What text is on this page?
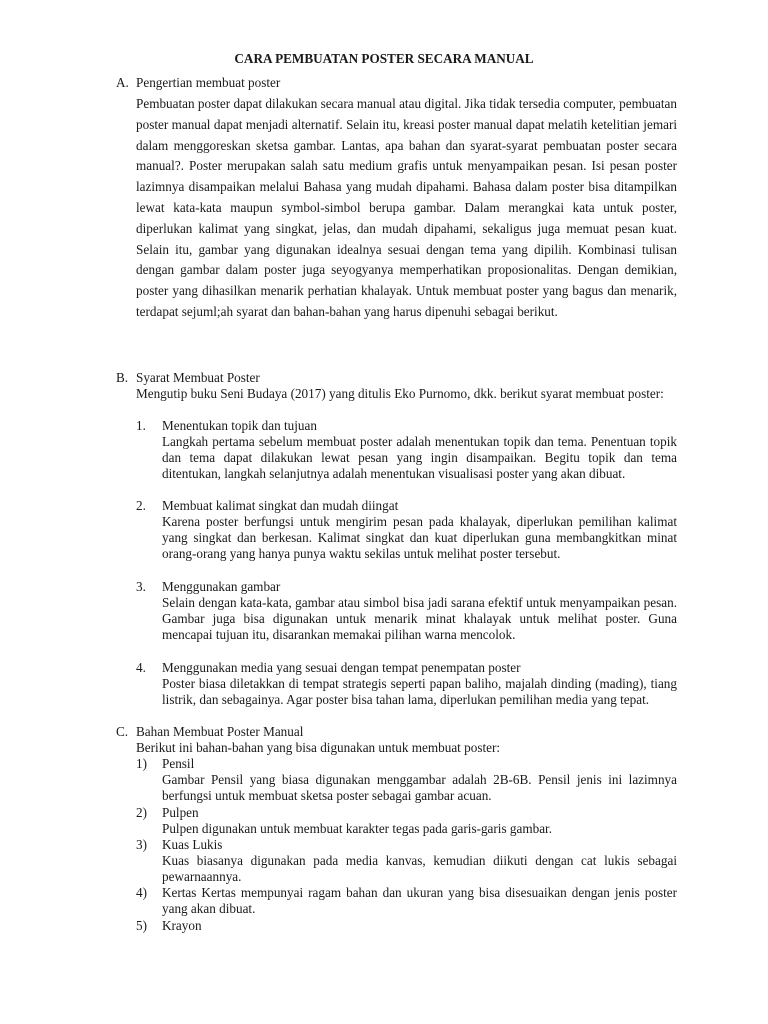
CARA PEMBUATAN POSTER SECARA MANUAL
A. Pengertian membuat poster

Pembuatan poster dapat dilakukan secara manual atau digital. Jika tidak tersedia computer, pembuatan poster manual dapat menjadi alternatif. Selain itu, kreasi poster manual dapat melatih ketelitian jemari dalam menggoreskan sketsa gambar. Lantas, apa bahan dan syarat-syarat pembuatan poster secara manual?. Poster merupakan salah satu medium grafis untuk menyampaikan pesan. Isi pesan poster lazimnya disampaikan melalui Bahasa yang mudah dipahami. Bahasa dalam poster bisa ditampilkan lewat kata-kata maupun symbol-simbol berupa gambar. Dalam merangkai kata untuk poster, diperlukan kalimat yang singkat, jelas, dan mudah dipahami, sekaligus juga memuat pesan kuat. Selain itu, gambar yang digunakan idealnya sesuai dengan tema yang dipilih. Kombinasi tulisan dengan gambar dalam poster juga seyogyanya memperhatikan proposionalitas. Dengan demikian, poster yang dihasilkan menarik perhatian khalayak. Untuk membuat poster yang bagus dan menarik, terdapat sejuml;ah syarat dan bahan-bahan yang harus dipenuhi sebagai berikut.

B. Syarat Membuat Poster

Mengutip buku Seni Budaya (2017) yang ditulis Eko Purnomo, dkk. berikut syarat membuat poster:

1. Menentukan topik dan tujuan

Langkah pertama sebelum membuat poster adalah menentukan topik dan tema. Penentuan topik dan tema dapat dilakukan lewat pesan yang ingin disampaikan. Begitu topik dan tema ditentukan, langkah selanjutnya adalah menentukan visualisasi poster yang akan dibuat.

2. Membuat kalimat singkat dan mudah diingat

Karena poster berfungsi untuk mengirim pesan pada khalayak, diperlukan pemilihan kalimat yang singkat dan berkesan. Kalimat singkat dan kuat diperlukan guna membangkitkan minat orang-orang yang hanya punya waktu sekilas untuk melihat poster tersebut.

3. Menggunakan gambar

Selain dengan kata-kata, gambar atau simbol bisa jadi sarana efektif untuk menyampaikan pesan. Gambar juga bisa digunakan untuk menarik minat khalayak untuk melihat poster. Guna mencapai tujuan itu, disarankan memakai pilihan warna mencolok.

4. Menggunakan media yang sesuai dengan tempat penempatan poster

Poster biasa diletakkan di tempat strategis seperti papan baliho, majalah dinding (mading), tiang listrik, dan sebagainya. Agar poster bisa tahan lama, diperlukan pemilihan media yang tepat.

C. Bahan Membuat Poster Manual

Berikut ini bahan-bahan yang bisa digunakan untuk membuat poster:

1) Pensil

Gambar Pensil yang biasa digunakan menggambar adalah 2B-6B. Pensil jenis ini lazimnya berfungsi untuk membuat sketsa poster sebagai gambar acuan.

2) Pulpen

Pulpen digunakan untuk membuat karakter tegas pada garis-garis gambar.

3) Kuas Lukis

Kuas biasanya digunakan pada media kanvas, kemudian diikuti dengan cat lukis sebagai pewarnaannya.

4) Kertas Kertas mempunyai ragam bahan dan ukuran yang bisa disesuaikan dengan jenis poster yang akan dibuat.

5) Krayon
